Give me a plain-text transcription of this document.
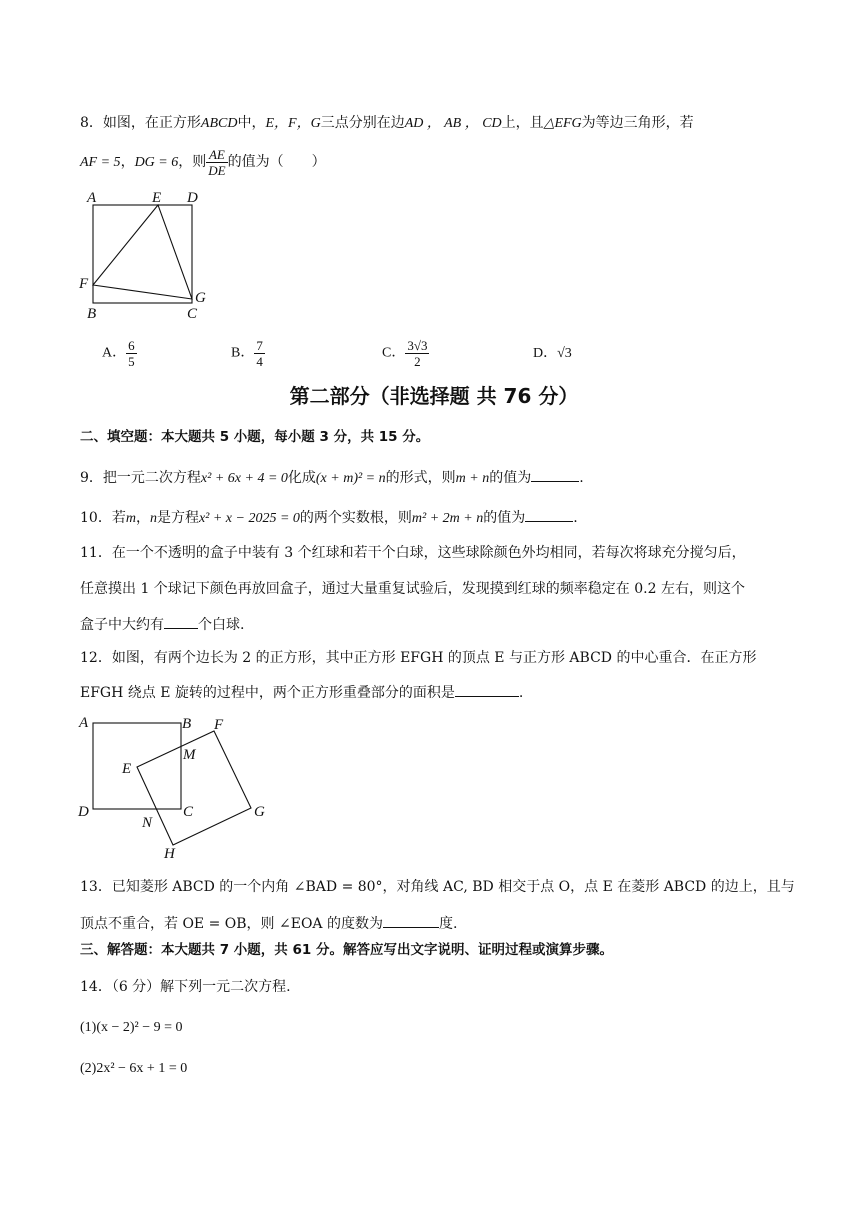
8．如图，在正方形ABCD中，E，F，G三点分别在边AD ， AB ， CD上，且△EFG为等边三角形，若
AF = 5，DG = 6，则 $\frac{AE}{DE}$ 的值为（　　）
A	E D
F
G
B	C
A． $\frac{6}{5}$	B． $\frac{7}{4}$	C． $\frac{3√3}{2}$	D．√3
第二部分（非选择题 共 76 分）
二、填空题：本大题共 5 小题，每小题 3 分，共 15 分。
9．把一元二次方程x² + 6x + 4 = 0化成(x + m)² = n的形式，则m + n的值为	.
10．若m，n是方程x² + x − 2025 = 0的两个实数根，则m² + 2m + n的值为	.
11．在一个不透明的盒子中装有 3 个红球和若干个白球，这些球除颜色外均相同，若每次将球充分搅匀后，
任意摸出 1 个球记下颜色再放回盒子，通过大量重复试验后，发现摸到红球的频率稳定在 0.2 左右，则这个
盒子中大约有 个白球.
12．如图，有两个边长为 2 的正方形，其中正方形 EFGH 的顶点 E 与正方形 ABCD 的中心重合．在正方形
EFGH 绕点 E 旋转的过程中，两个正方形重叠部分的面积是	.
A	B F
M
E
D	C	G
N
H
13．已知菱形 ABCD 的一个内角 ∠BAD = 80°，对角线 AC, BD 相交于点 O，点 E 在菱形 ABCD 的边上，且与
顶点不重合，若 OE = OB，则 ∠EOA 的度数为	度.
三、解答题：本大题共 7 小题，共 61 分。解答应写出文字说明、证明过程或演算步骤。
14．（6 分）解下列一元二次方程.
(1)(x − 2)² − 9 = 0
(2)2x² − 6x + 1 = 0
